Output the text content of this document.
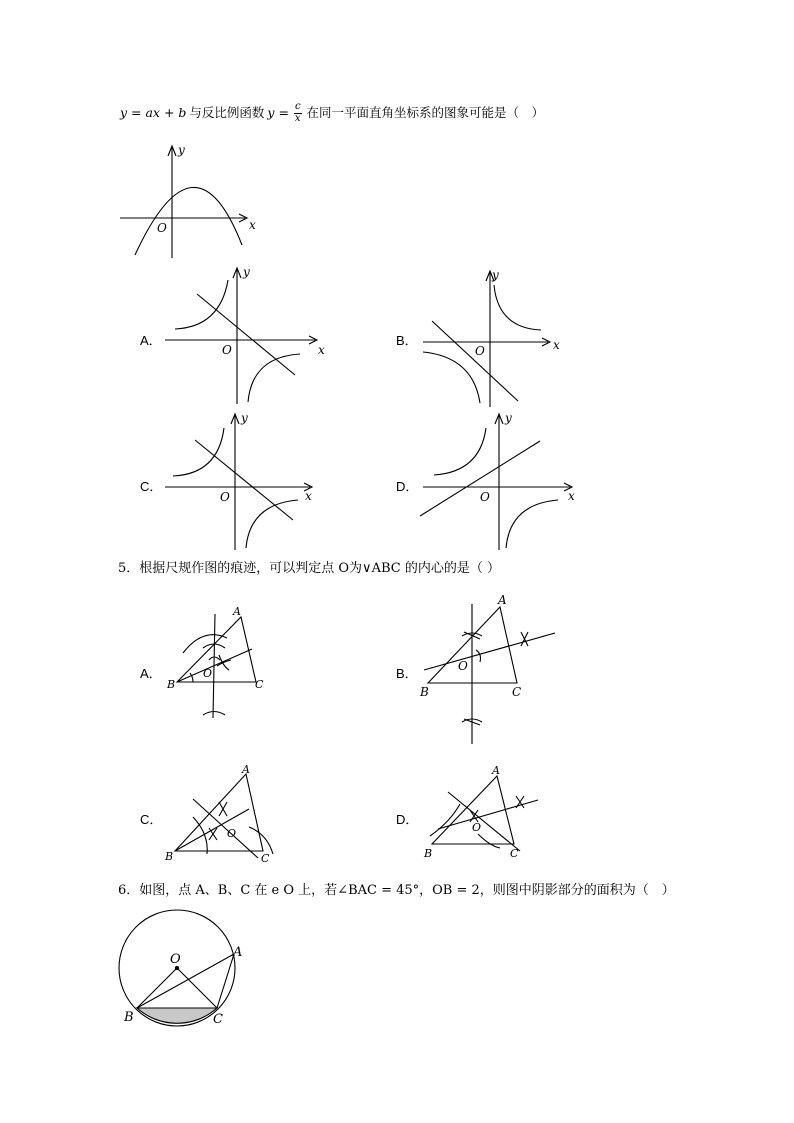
y = ax + b 与反比例函数 $y = \frac{c}{x}$ 在同一平面直角坐标系的图象可能是（　）
x
y
O
A．
x
y
O
B．	x
y
O
C．
x
y
O
D．
x
y
O
5．根据尺规作图的痕迹，可以判定点 O为∨ABC 的内心的是（ ）
A．
A
B	C
O	B．
A
B	C
O
C．
A
B	C
O
D．
A
B	C
O
6．如图，点 A、B、C 在 e O 上，若∠BAC = 45°，OB = 2，则图中阴影部分的面积为（　）
O	A
B	C
